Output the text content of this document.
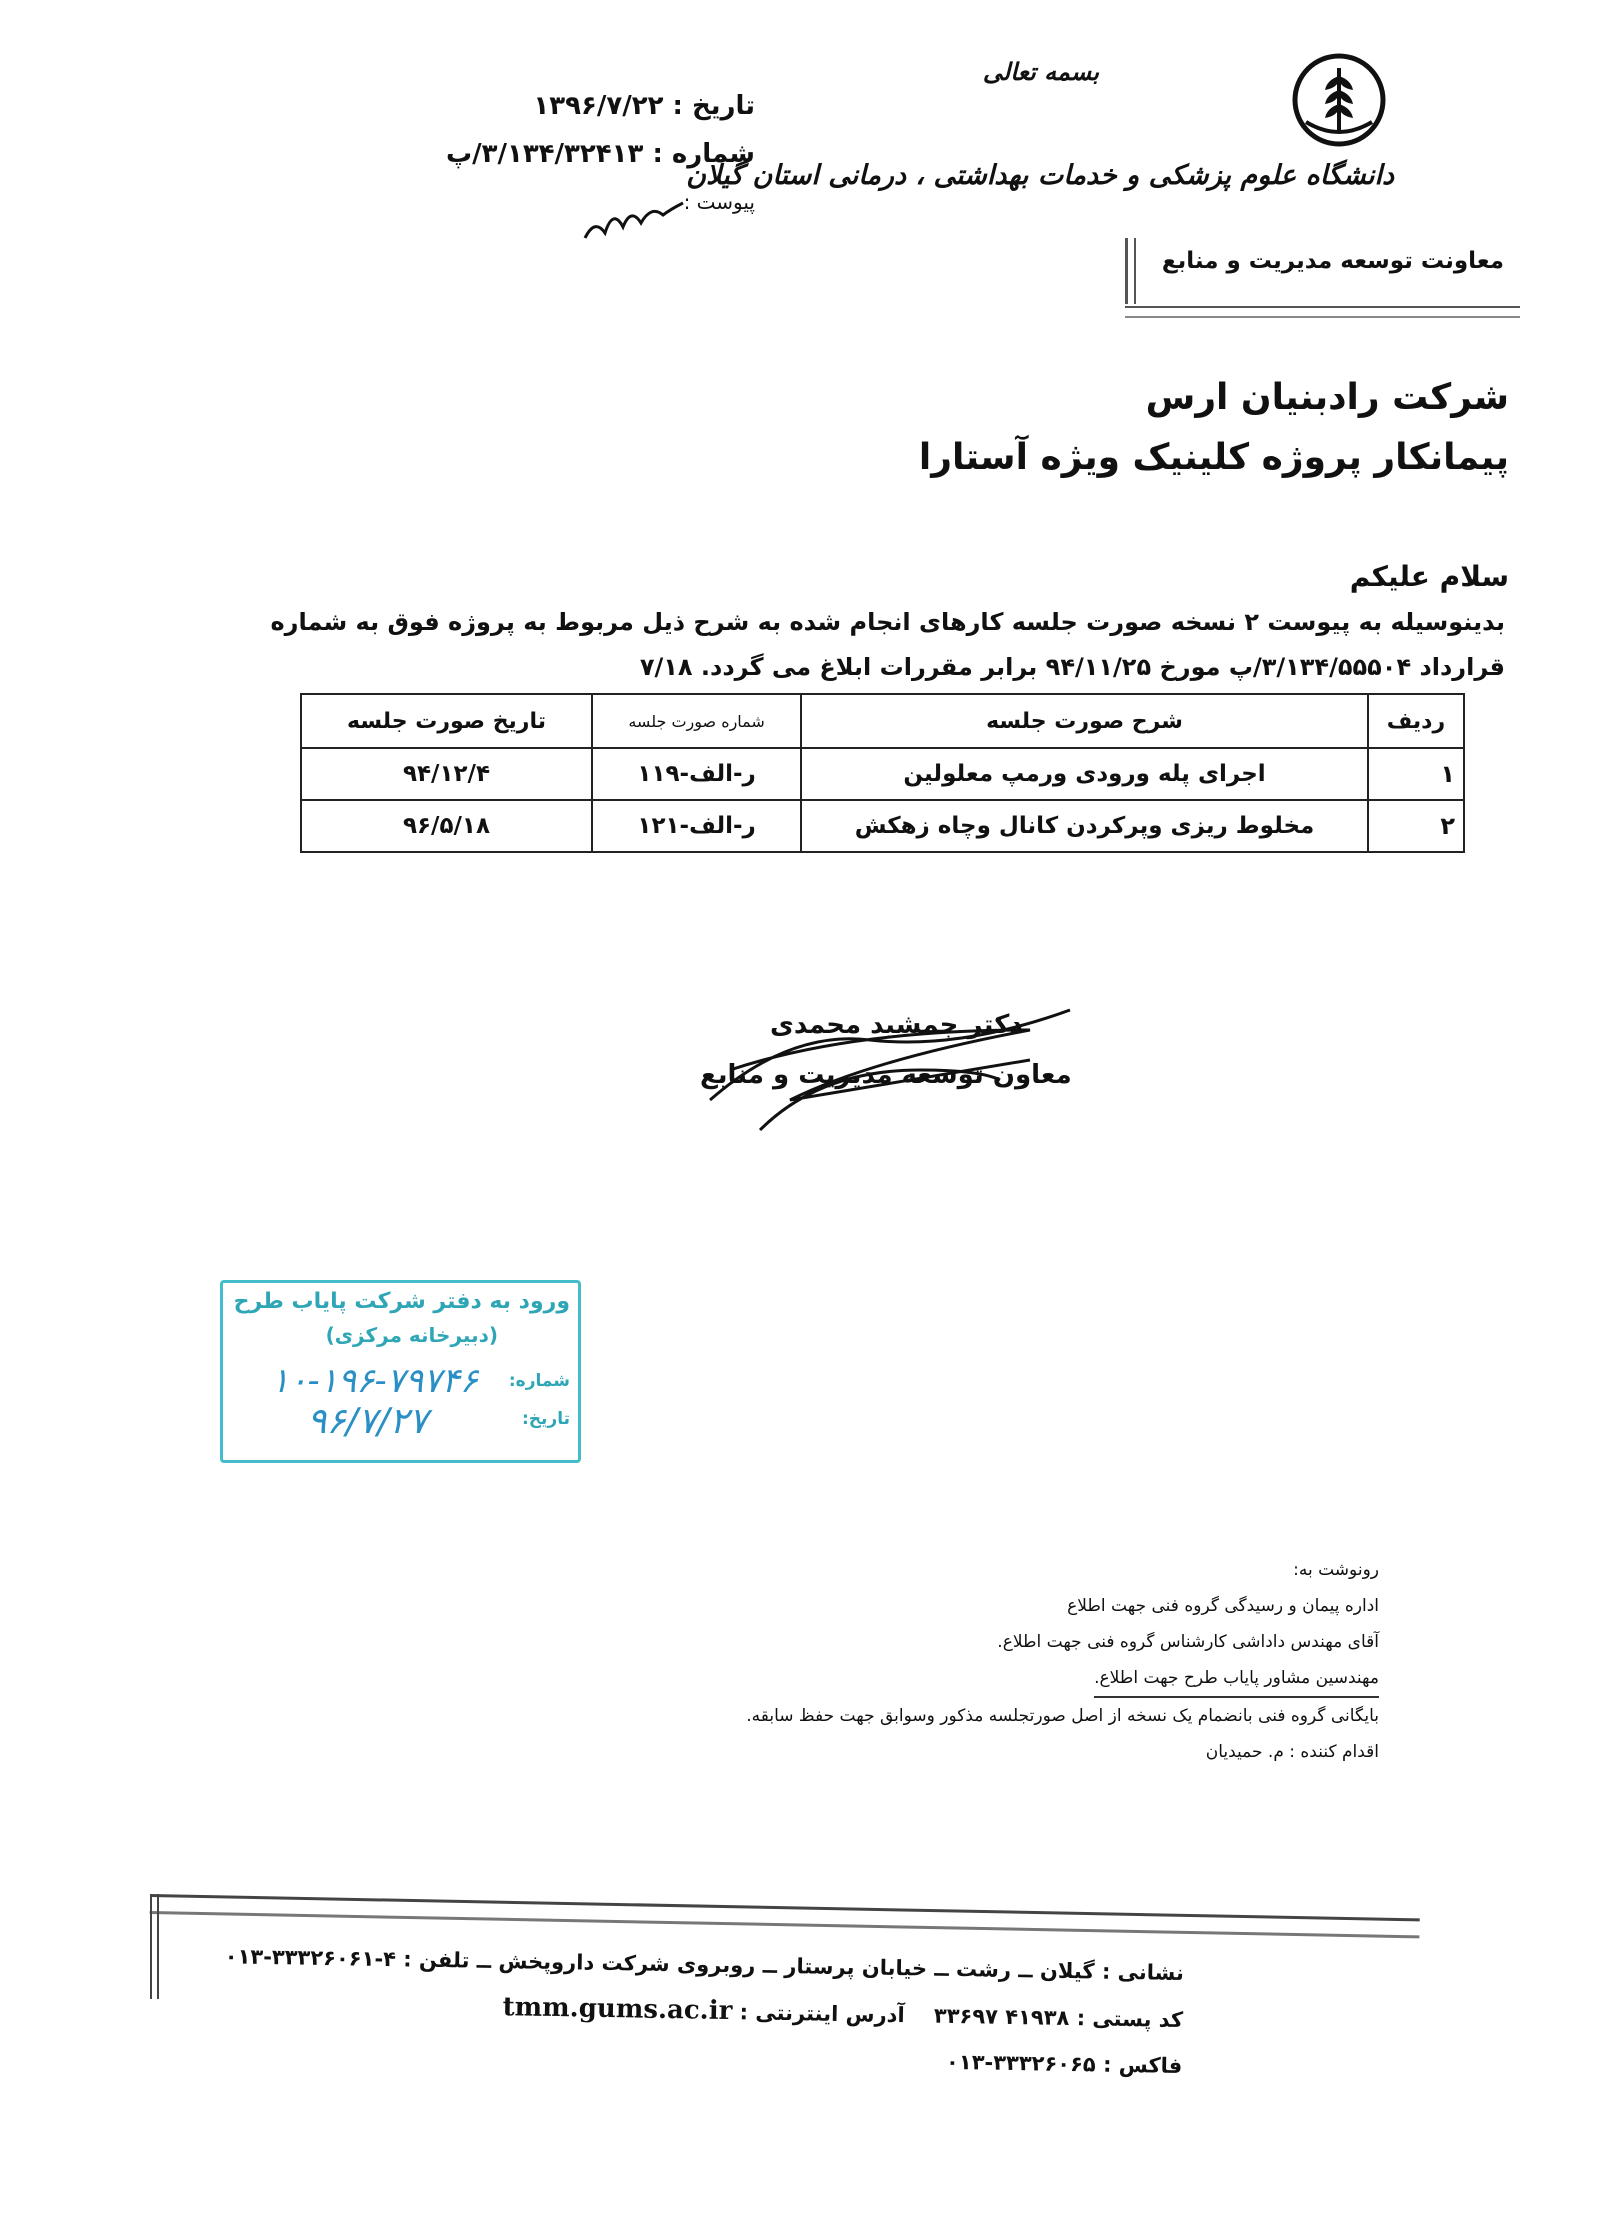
بسمه تعالی
دانشگاه علوم پزشکی و خدمات بهداشتی ، درمانی استان گیلان
معاونت توسعه مدیریت و منابع
تاریخ : ۱۳۹۶/۷/۲۲
شماره : ۳/۱۳۴/۳۲۴۱۳/پ
پیوست :
شرکت رادبنیان ارس
پیمانکار پروژه کلینیک ویژه آستارا
سلام علیکم
بدینوسیله به پیوست ۲ نسخه صورت جلسه کارهای انجام شده به شرح ذیل مربوط به پروژه فوق به شماره
قرارداد ۳/۱۳۴/۵۵۵۰۴/پ مورخ ۹۴/۱۱/۲۵ برابر مقررات ابلاغ می گردد. ۷/۱۸
ردیف	شرح صورت جلسه	شماره صورت جلسه	تاریخ صورت جلسه
۱	اجرای پله ورودی ورمپ معلولین	ر-الف-۱۱۹	۹۴/۱۲/۴
۲	مخلوط ریزی وپرکردن کانال وچاه زهکش	ر-الف-۱۲۱	۹۶/۵/۱۸
دکتر جمشید محمدی
معاون توسعه مدیریت و منابع
ورود به دفتر شرکت پایاب طرح
(دبیرخانه مرکزی)
شماره:
۱۰-۱۹۶-۷۹۷۴۶
تاریخ:
۹۶/۷/۲۷
رونوشت به:
اداره پیمان و رسیدگی گروه فنی جهت اطلاع
آقای مهندس داداشی کارشناس گروه فنی جهت اطلاع.
مهندسین مشاور پایاب طرح جهت اطلاع.
بایگانی گروه فنی بانضمام یک نسخه از اصل صورتجلسه مذکور وسوابق جهت حفظ سابقه.
اقدام کننده : م. حمیدیان
نشانی : گیلان ــ رشت ــ خیابان پرستار ــ روبروی شرکت داروپخش ــ تلفن : ۴-۳۳۳۲۶۰۶۱-۰۱۳
کد پستی : ۴۱۹۳۸ ۳۳۶۹۷    آدرس اینترنتی : tmm.gums.ac.ir
فاکس : ۳۳۳۲۶۰۶۵-۰۱۳
